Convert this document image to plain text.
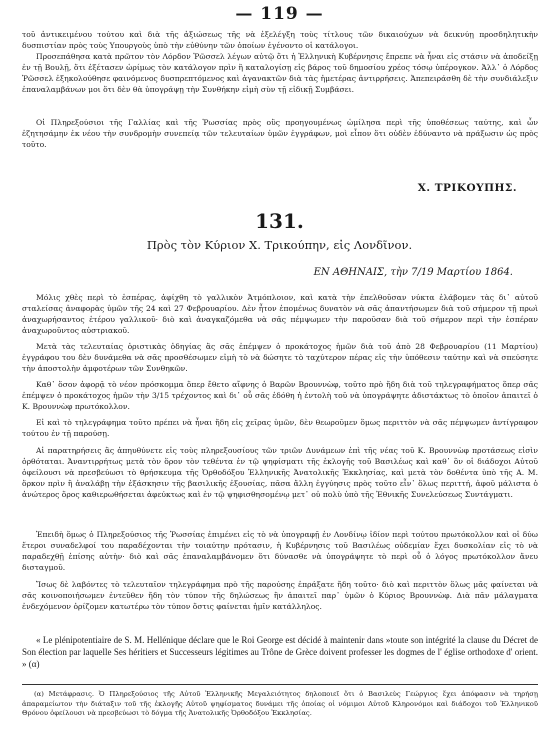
— 119 —

τοῦ ἀντικειμένου τούτου καὶ διὰ τῆς ἀξιώσεως τῆς νὰ ἐξελέγξη τοὺς τίτλους τῶν δικαιούχων νὰ δεικνύῃ προσδηλητικὴν δυσπιστίαν πρὸς τοὺς Υπουργοὺς ὑπὸ τὴν εὐθύνην τῶν ὁποίων ἐγένοντο οἱ κατάλογοι.

Προσεπάθησα κατὰ πρῶτον τὸν Λόρδον Ῥῶσσελ λέγων αὐτῷ ὅτι ἡ Ἑλληνικὴ Κυβέρνησις ἔπρεπε νὰ ἦναι εἰς στάσιν νὰ ἀποδείξῃ ἐν τῇ Βουλῇ, ὅτι ἐξέτασεν ὡρίμως τὸν κατάλογον πρὶν ἢ καταλογίσῃ εἰς βάρος τοῦ δημοσίου χρέος τόσῳ ὑπέρογκον. Ἀλλ᾽ ὁ Λόρδος Ῥῶσσελ ἐξηκολούθησε φαινόμενος δυσπρεπτόμενος καὶ ἀγανακτῶν διὰ τὰς ἡμετέρας ἀντιρρήσεις. Ἀπεπειράσθη δὲ τὴν συνδιάλεξιν ἐπαναλαμβάνων μοι ὅτι δὲν θὰ ὑπογράψῃ τὴν Συνθήκην εἰμὴ σὺν τῇ εἰδικῇ Συμβάσει.

Οἱ Πληρεξούσιοι τῆς Γαλλίας καὶ τῆς Ῥωσσίας πρὸς οὓς προηγουμένως ὡμίλησα περὶ τῆς ὑποθέσεως ταύτης, καὶ ὧν ἐζητησάμην ἐκ νέου τὴν συνδρομὴν συνεπείᾳ τῶν τελευταίων ὑμῶν ἐγγράφων, μοὶ εἶπον ὅτι οὐδὲν ἐδύναντο νὰ πράξωσιν ὡς πρὸς τοῦτο.

Χ. ΤΡΙΚΟΥΠΗΣ.
131.
Πρὸς τὸν Κύριον Χ. Τρικούπην, εἰς Λονδῖνον.
ΕΝ ΑΘΗΝΑΙΣ, τὴν 7/19 Μαρτίου 1864.

Μόλις χθὲς περὶ τὸ ἑσπέρας, ἀφίχθη τὸ γαλλικὸν Ἀτμόπλοιον, καὶ κατὰ τὴν ἐπελθοῦσαν νύκτα ἐλάβομεν τὰς δι᾽ αὐτοῦ σταλείσας ἀναφορὰς ὑμῶν τῆς 24 καὶ 27 Φεβρουαρίου. Δὲν ἦτον ἐπομένως δυνατὸν νὰ σᾶς ἀπαντήσωμεν διὰ τοῦ σήμερον τῇ πρωὶ ἀναχωρήσαντος ἑτέρου γαλλικοῦ· διὸ καὶ ἀναγκαζόμεθα νὰ σᾶς πέμψωμεν τὴν παροῦσαν διὰ τοῦ σήμερον περὶ τὴν ἑσπέραν ἀναχωροῦντος αὐστριακοῦ.

Μετὰ τὰς τελευταίας ὁριστικὰς ὁδηγίας ἃς σᾶς ἐπέμψεν ὁ προκάτοχος ἡμῶν διὰ τοῦ ἀπὸ 28 Φεβρουαρίου (11 Μαρτίου) ἐγγράφου του δὲν δυνάμεθα νὰ σᾶς προσθέσωμεν εἰμὴ τὸ νὰ δώσητε τὸ ταχύτερον πέρας εἰς τὴν ὑπόθεσιν ταύτην καὶ νὰ σπεύσητε τὴν ἀποστολὴν ἀμφοτέρων τῶν Συνθηκῶν.

Καθ᾽ ὅσον ἀφορᾷ τὸ νέον πρόσκομμα ὅπερ ἔθετο αἴφνης ὁ Βαρῶν Βρουννὼφ, τοῦτο πρὸ ἤδη διὰ τοῦ τηλεγραφήματος ὅπερ σᾶς ἐπέμψεν ὁ προκάτοχος ἡμῶν τὴν 3/15 τρέχοντος καὶ δι᾽ οὗ σᾶς ἐδόθη ἡ ἐντολὴ τοῦ νὰ ὑπογράψητε ἀδιστάκτως τὸ ὁποῖον ἀπαιτεῖ ὁ Κ. Βρουννὼφ πρωτόκολλον.

Εἰ καὶ τὸ τηλεγράφημα τοῦτο πρέπει νὰ ἦναι ἤδη εἰς χεῖρας ὑμῶν, δὲν θεωροῦμεν ὅμως περιττὸν νὰ σᾶς πέμψωμεν ἀντίγραφον τούτου ἐν τῇ παρούσῃ.

Αἱ παρατηρήσεις ἃς ἀπηυθύνετε εἰς τοὺς πληρεξουσίους τῶν τριῶν Δυνάμεων ἐπὶ τῆς νέας τοῦ Κ. Βρουννὼφ προτάσεως εἰσὶν ὀρθόταται. Ἀναντιρρήτως μετὰ τὸν ὅρον τὸν τεθέντα ἐν τῷ ψηφίσματι τῆς ἐκλογῆς τοῦ Βασιλέως καὶ καθ᾽ ὃν οἱ διάδοχοι Αὐτοῦ ὀφείλουσι νὰ πρεσβεύωσι τὸ θρήσκευμα τῆς Ὀρθοδόξου Ἑλληνικῆς Ἀνατολικῆς Ἐκκλησίας, καὶ μετὰ τὸν δοθέντα ὑπὸ τῆς Α. Μ. ὅρκον πρὶν ἢ ἀναλάβῃ τὴν ἐξάσκησιν τῆς βασιλικῆς ἐξουσίας, πᾶσα ἄλλη ἐγγύησις πρὸς τοῦτο εἶν᾽ ὅλως περιττή, ἀφοῦ μάλιστα ὁ ἀνώτερος ὅρος καθιερωθήσεται ἀφεύκτως καὶ ἐν τῷ ψηφισθησομένῳ μετ᾽ οὐ πολὺ ὑπὸ τῆς Ἐθνικῆς Συνελεύσεως Συντάγματι.

Ἐπειδὴ ὅμως ὁ Πληρεξούσιος τῆς Ῥωσσίας ἐπιμένει εἰς τὸ νὰ ὑπογραφῇ ἐν Λονδίνῳ ἰδίον περὶ τούτου πρωτόκολλον καὶ οἱ δύω ἕτεροι συναδελφοί του παραδέχονται τὴν τοιαύτην πρότασιν, ἡ Κυβέρνησις τοῦ Βασιλέως οὐδεμίαν ἔχει δυσκολίαν εἰς τὸ νὰ παραδεχθῇ ἐπίσης αὐτὴν· διὸ καὶ σᾶς ἐπαναλαμβάνομεν ὅτι δύνασθε νὰ ὑπογράψητε τὸ περὶ οὗ ὁ λόγος πρωτόκολλον ἄνευ δισταγμοῦ.

Ἴσως δὲ λαβόντες τὸ τελευταῖον τηλεγράφημα πρὸ τῆς παρούσης ἐπράξατε ἤδη τοῦτο· διὸ καὶ περιττὸν ὅλως μᾶς φαίνεται νὰ σᾶς κοινοποιήσωμεν ἐντεῦθεν ἤδη τὸν τύπον τῆς δηλώσεως ἣν ἀπαιτεῖ παρ᾽ ὑμῶν ὁ Κύριος Βρουννὼφ. Διὰ πᾶν μάλαγματα ἐνδεχόμενον ὁρίζομεν κατωτέρω τὸν τύπον ὅστις φαίνεται ἡμῖν κατάλληλος.

« Le plénipotentiaire de S. M. Hellénique déclare que le Roi George est décidé à maintenir dans »toute son intégrité la clause du Décret de Son élection par laquelle Ses héritiers et Successeurs légitimes au Trône de Grèce doivent professer les dogmes de l' église orthodoxe d' orient. » (α)

(α) Μετάφρασις. Ὁ Πληρεξούσιος τῆς Αὐτοῦ Ἑλληνικῆς Μεγαλειότητος δηλοποιεῖ ὅτι ὁ Βασιλεὺς Γεώργιος ἔχει ἀπόφασιν νὰ τηρήσῃ ἀπαραμείωτον τὴν διάταξιν τοῦ τῆς ἐκλογῆς Αὐτοῦ ψηφίσματος δυνάμει τῆς ὁποίας οἱ νόμιμοι Αὐτοῦ Κληρονόμοι καὶ διάδοχοι τοῦ Ἑλληνικοῦ Θρόνου ὀφείλουσι νὰ πρεσβεύωσι τὸ δόγμα τῆς Ἀνατολικῆς Ὀρθοδόξου Ἐκκλησίας.
